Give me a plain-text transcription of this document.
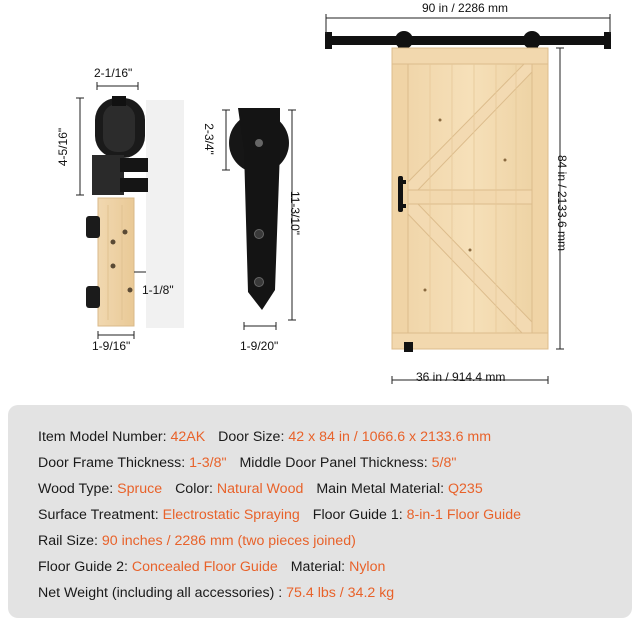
2-1/16"
4-5/16"
1-1/8"
1-9/16"
2-3/4"
11-3/10"
1-9/20"
90 in / 2286 mm
84 in / 2133.6 mm
36 in / 914.4 mm
Item Model Number: 42AK Door Size: 42 x 84 in / 1066.6 x 2133.6 mm
Door Frame Thickness: 1-3/8" Middle Door Panel Thickness: 5/8"
Wood Type: Spruce Color: Natural Wood Main Metal Material: Q235
Surface Treatment: Electrostatic Spraying Floor Guide 1: 8-in-1 Floor Guide
Rail Size: 90 inches / 2286 mm (two pieces joined)
Floor Guide 2: Concealed Floor Guide Material: Nylon
Net Weight (including all accessories) : 75.4 lbs / 34.2 kg
